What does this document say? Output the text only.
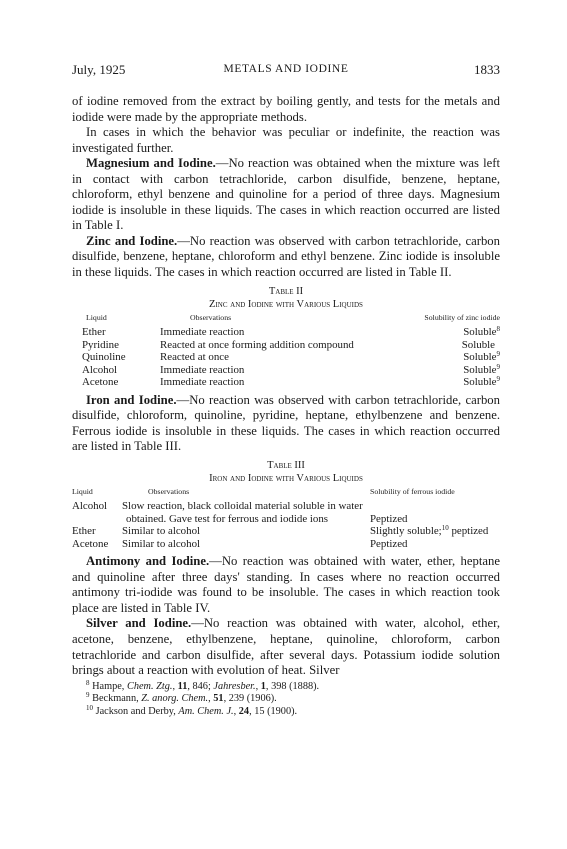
July, 1925	METALS AND IODINE	1833

of iodine removed from the extract by boiling gently, and tests for the metals and iodide were made by the appropriate methods.

In cases in which the behavior was peculiar or indefinite, the reaction was investigated further.

Magnesium and Iodine.—No reaction was obtained when the mixture was left in contact with carbon tetrachloride, carbon disulfide, benzene, heptane, chloroform, ethyl benzene and quinoline for a period of three days. Magnesium iodide is insoluble in these liquids. The cases in which reaction occurred are listed in Table I.

Zinc and Iodine.—No reaction was observed with carbon tetrachloride, carbon disulfide, benzene, heptane, chloroform and ethyl benzene. Zinc iodide is insoluble in these liquids. The cases in which reaction occurred are listed in Table II.

Table II
Zinc and Iodine with Various Liquids
Liquid	Observations	Solubility of zinc iodide
Ether	Immediate reaction	Soluble$^8$
Pyridine	Reacted at once forming addition compound	Soluble
Quinoline	Reacted at once	Soluble$^9$
Alcohol	Immediate reaction	Soluble$^9$
Acetone	Immediate reaction	Soluble$^9$

Iron and Iodine.—No reaction was observed with carbon tetrachloride, carbon disulfide, chloroform, quinoline, pyridine, heptane, ethylbenzene and benzene. Ferrous iodide is insoluble in these liquids. The cases in which reaction occurred are listed in Table III.

Table III
Iron and Iodine with Various Liquids
Liquid	Observations	Solubility of ferrous iodide
Alcohol	Slow reaction, black colloidal material soluble in water obtained. Gave test for ferrous and iodide ions	Peptized
Ether	Similar to alcohol	Slightly soluble;$^{10}$ peptized
Acetone	Similar to alcohol	Peptized

Antimony and Iodine.—No reaction was obtained with water, ether, heptane and quinoline after three days' standing. In cases where no reaction occurred antimony tri-iodide was found to be insoluble. The cases in which reaction took place are listed in Table IV.

Silver and Iodine.—No reaction was obtained with water, alcohol, ether, acetone, benzene, ethylbenzene, heptane, quinoline, chloroform, carbon tetrachloride and carbon disulfide, after several days. Potassium iodide solution brings about a reaction with evolution of heat. Silver

$^8$ Hampe, Chem. Ztg., 11, 846; Jahresber., 1, 398 (1888).

$^9$ Beckmann, Z. anorg. Chem., 51, 239 (1906).

$^{10}$ Jackson and Derby, Am. Chem. J., 24, 15 (1900).
